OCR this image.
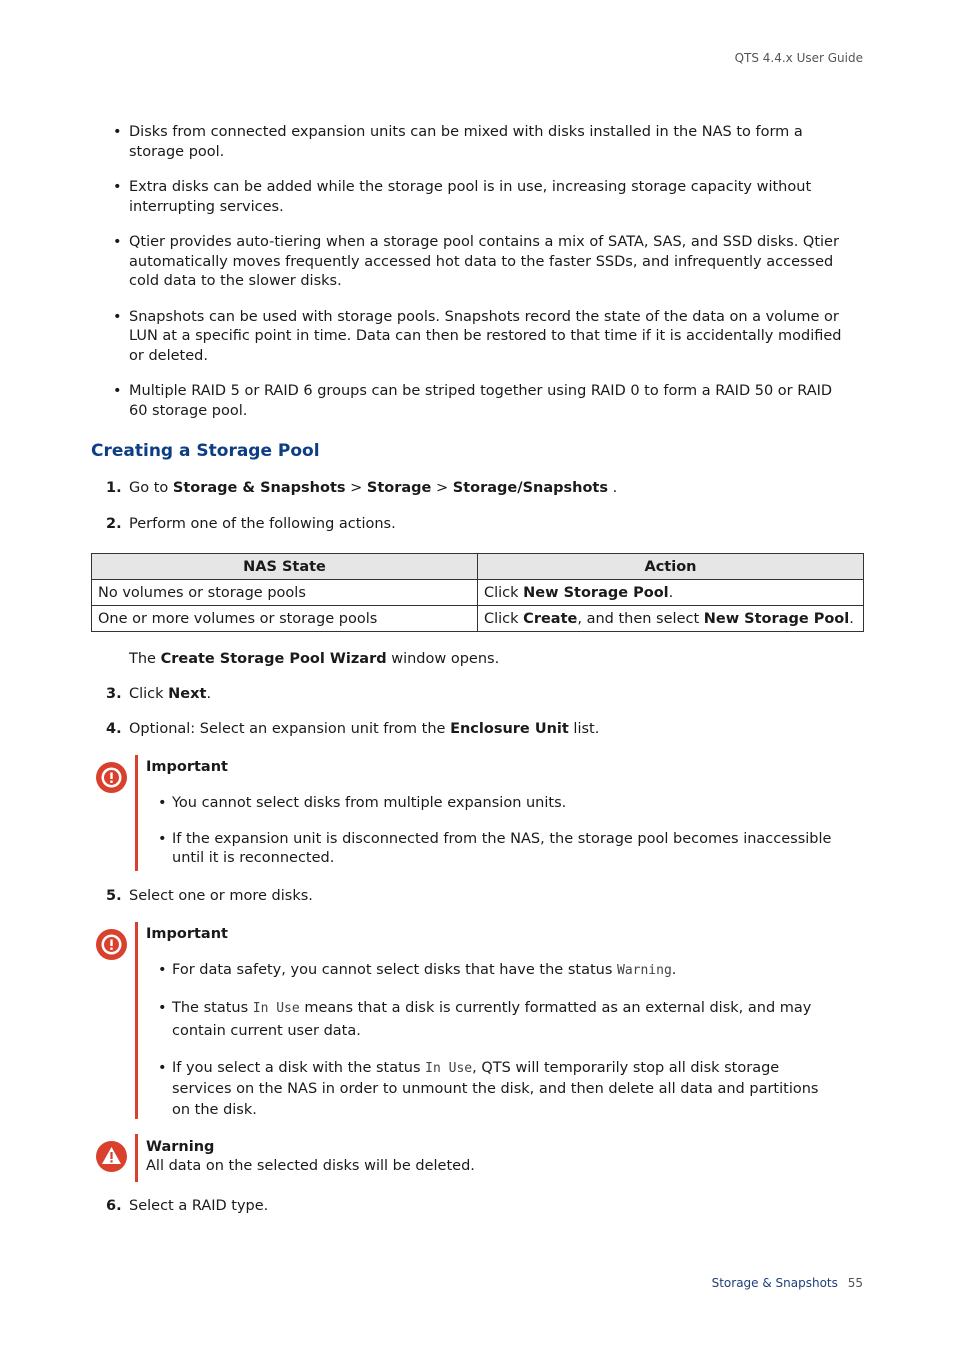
QTS 4.4.x User Guide
• Disks from connected expansion units can be mixed with disks installed in the NAS to form a storage pool.
• Extra disks can be added while the storage pool is in use, increasing storage capacity without interrupting services.
• Qtier provides auto-tiering when a storage pool contains a mix of SATA, SAS, and SSD disks. Qtier automatically moves frequently accessed hot data to the faster SSDs, and infrequently accessed cold data to the slower disks.
• Snapshots can be used with storage pools. Snapshots record the state of the data on a volume or LUN at a specific point in time. Data can then be restored to that time if it is accidentally modified or deleted.
• Multiple RAID 5 or RAID 6 groups can be striped together using RAID 0 to form a RAID 50 or RAID 60 storage pool.
Creating a Storage Pool
1. Go to Storage & Snapshots > Storage > Storage/Snapshots .
2. Perform one of the following actions.
NAS State	Action
No volumes or storage pools	Click New Storage Pool.
One or more volumes or storage pools	Click Create, and then select New Storage Pool.
The Create Storage Pool Wizard window opens.
3. Click Next.
4. Optional: Select an expansion unit from the Enclosure Unit list.
Important
• You cannot select disks from multiple expansion units.
• If the expansion unit is disconnected from the NAS, the storage pool becomes inaccessible until it is reconnected.
5. Select one or more disks.
Important
• For data safety, you cannot select disks that have the status Warning.
• The status In Use means that a disk is currently formatted as an external disk, and may contain current user data.
• If you select a disk with the status In Use, QTS will temporarily stop all disk storage services on the NAS in order to unmount the disk, and then delete all data and partitions on the disk.
Warning
All data on the selected disks will be deleted.
6. Select a RAID type.
Storage & Snapshots 55
